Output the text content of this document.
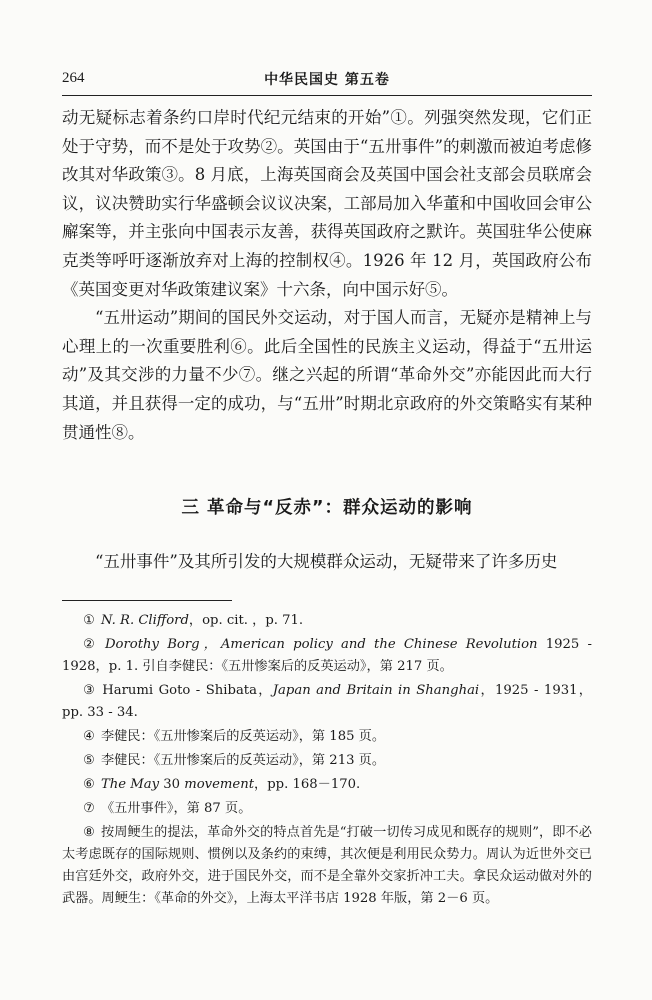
264	中华民国史 第五卷

动无疑标志着条约口岸时代纪元结束的开始”①。列强突然发现，它们正处于守势，而不是处于攻势②。英国由于“五卅事件”的刺激而被迫考虑修改其对华政策③。8 月底，上海英国商会及英国中国会社支部会员联席会议，议决赞助实行华盛顿会议议决案，工部局加入华董和中国收回会审公廨案等，并主张向中国表示友善，获得英国政府之默许。英国驻华公使麻克类等呼吁逐渐放弃对上海的控制权④。1926 年 12 月，英国政府公布《英国变更对华政策建议案》十六条，向中国示好⑤。

“五卅运动”期间的国民外交运动，对于国人而言，无疑亦是精神上与心理上的一次重要胜利⑥。此后全国性的民族主义运动，得益于“五卅运动”及其交涉的力量不少⑦。继之兴起的所谓“革命外交”亦能因此而大行其道，并且获得一定的成功，与“五卅”时期北京政府的外交策略实有某种贯通性⑧。

三 革命与“反赤”：群众运动的影响

“五卅事件”及其所引发的大规模群众运动，无疑带来了许多历史

① N. R. Clifford，op. cit. ，p. 71.

② Dorothy Borg，American policy and the Chinese Revolution 1925 - 1928，p. 1. 引自李健民：《五卅惨案后的反英运动》，第 217 页。

③ Harumi Goto - Shibata，Japan and Britain in Shanghai，1925 - 1931，pp. 33 - 34.

④ 李健民：《五卅惨案后的反英运动》，第 185 页。

⑤ 李健民：《五卅惨案后的反英运动》，第 213 页。

⑥ The May 30 movement，pp. 168－170.

⑦ 《五卅事件》，第 87 页。

⑧ 按周鲠生的提法，革命外交的特点首先是“打破一切传习成见和既存的规则”，即不必太考虑既存的国际规则、惯例以及条约的束缚，其次便是利用民众势力。周认为近世外交已由宫廷外交，政府外交，进于国民外交，而不是全靠外交家折冲工夫。拿民众运动做对外的武器。周鲠生：《革命的外交》，上海太平洋书店 1928 年版，第 2－6 页。
